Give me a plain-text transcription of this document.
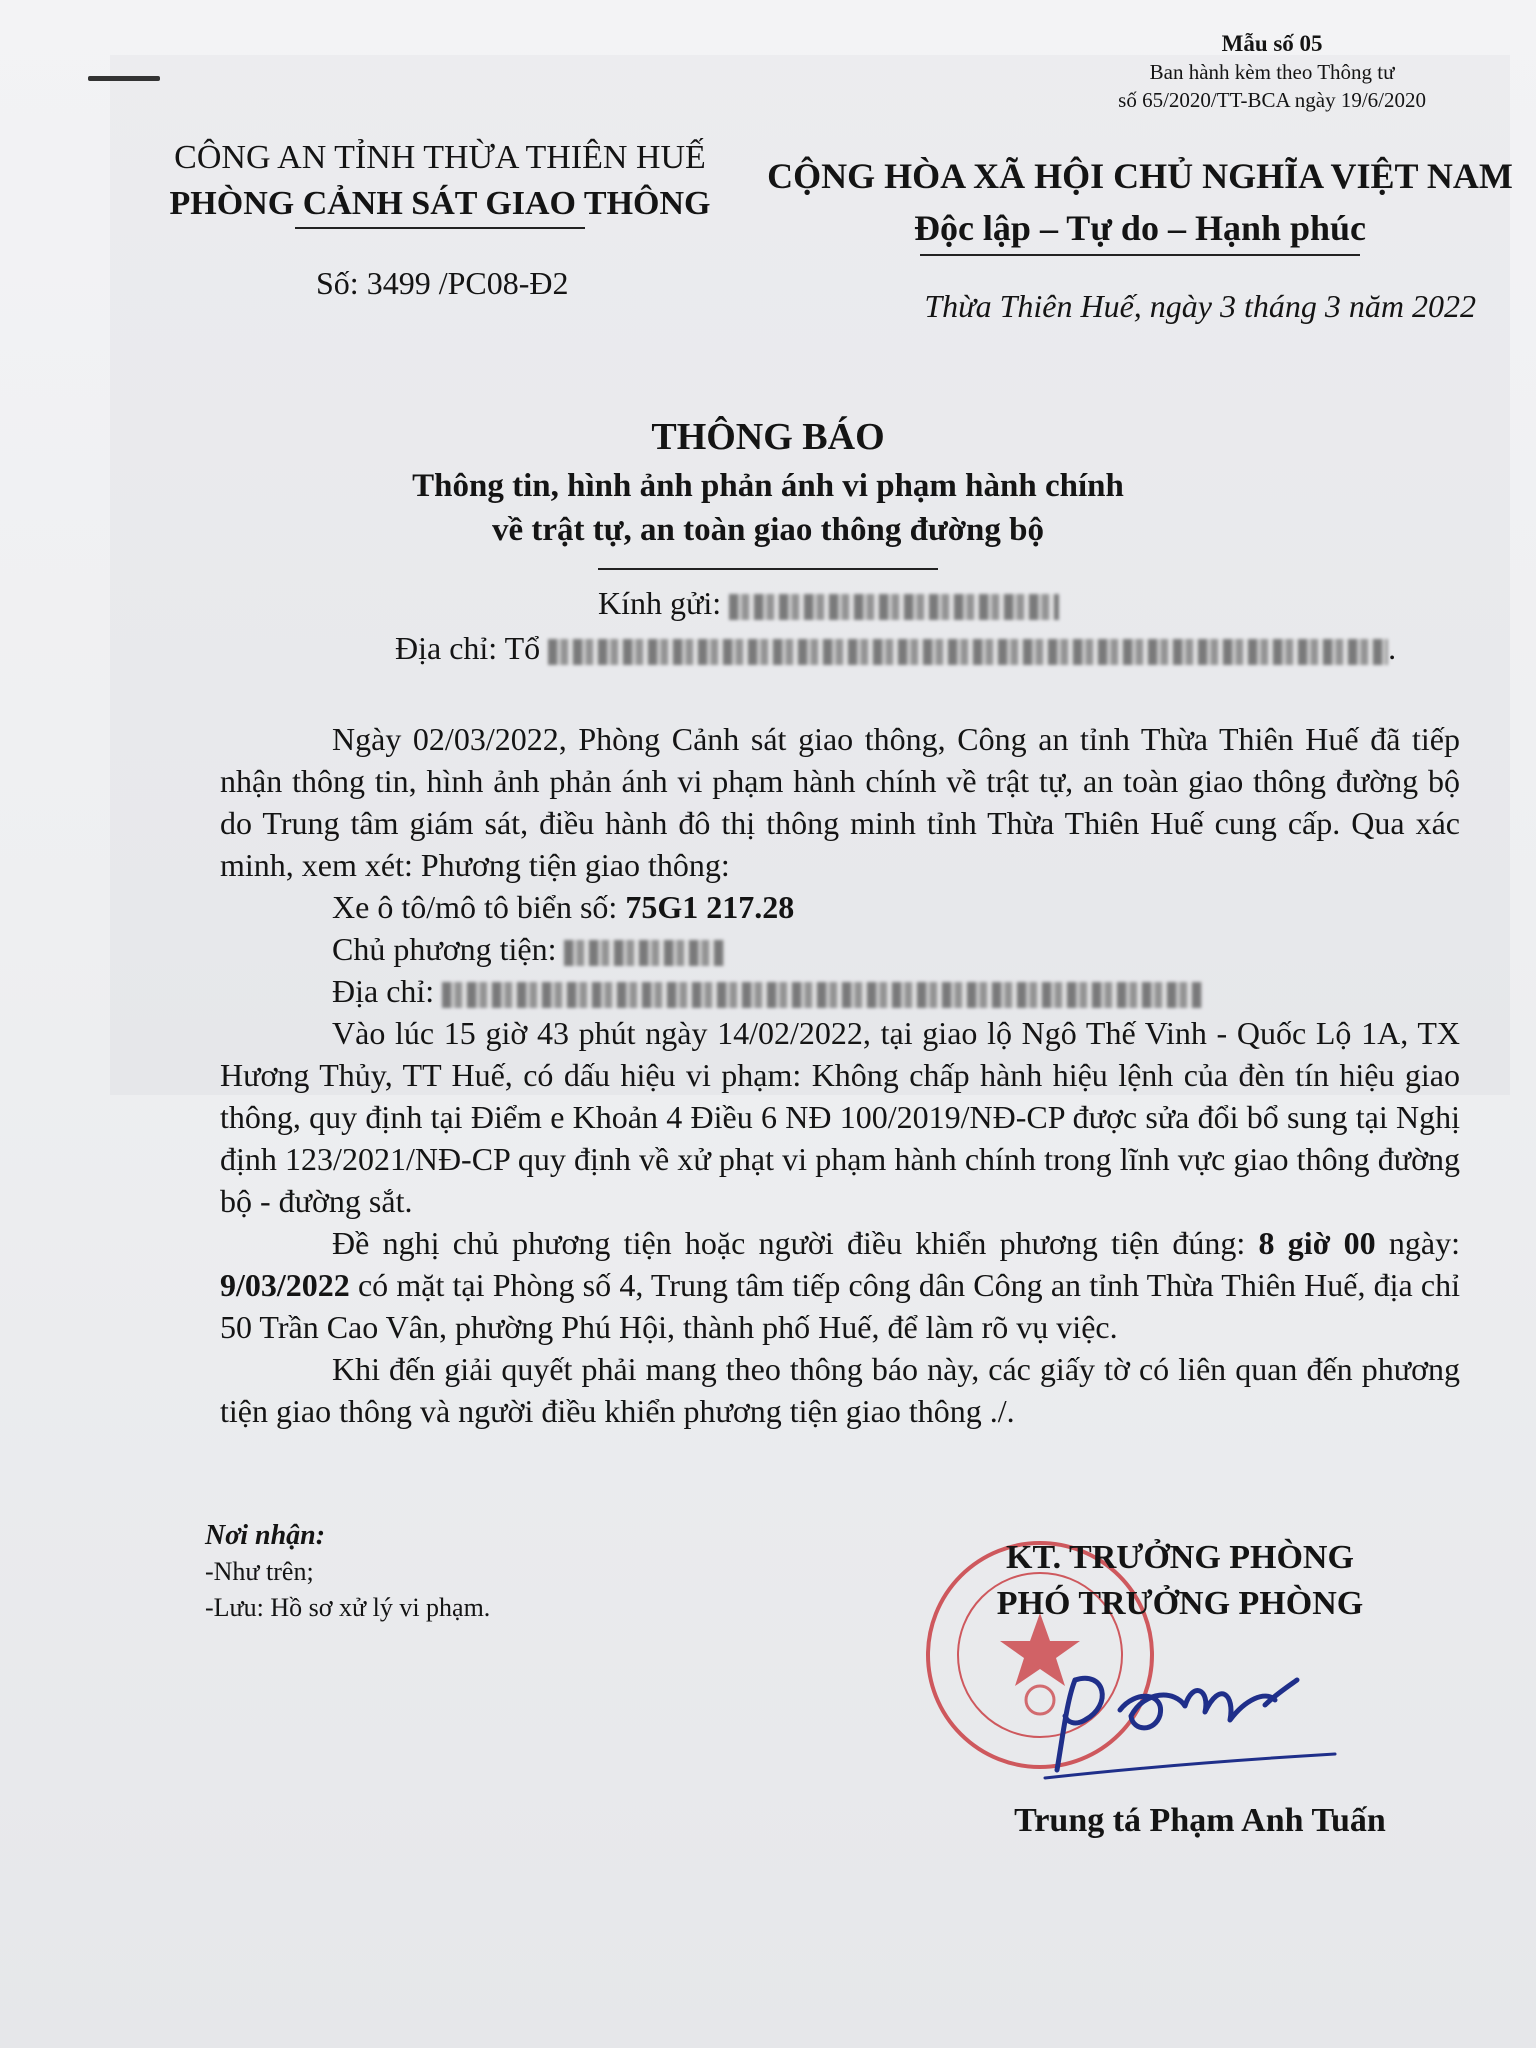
Mẫu số 05
Ban hành kèm theo Thông tư
số 65/2020/TT-BCA ngày 19/6/2020
CÔNG AN TỈNH THỪA THIÊN HUẾ
PHÒNG CẢNH SÁT GIAO THÔNG
Số: 3499 /PC08-Đ2
CỘNG HÒA XÃ HỘI CHỦ NGHĨA VIỆT NAM
Độc lập – Tự do – Hạnh phúc
Thừa Thiên Huế, ngày 3 tháng 3 năm 2022
THÔNG BÁO
Thông tin, hình ảnh phản ánh vi phạm hành chính
về trật tự, an toàn giao thông đường bộ
Kính gửi:
Địa chỉ: Tổ	.

Ngày 02/03/2022, Phòng Cảnh sát giao thông, Công an tỉnh Thừa Thiên Huế đã tiếp nhận thông tin, hình ảnh phản ánh vi phạm hành chính về trật tự, an toàn giao thông đường bộ do Trung tâm giám sát, điều hành đô thị thông minh tỉnh Thừa Thiên Huế cung cấp. Qua xác minh, xem xét: Phương tiện giao thông:

Xe ô tô/mô tô biển số: 75G1 217.28

Chủ phương tiện:

Địa chỉ:

Vào lúc 15 giờ 43 phút ngày 14/02/2022, tại giao lộ Ngô Thế Vinh - Quốc Lộ 1A, TX Hương Thủy, TT Huế, có dấu hiệu vi phạm: Không chấp hành hiệu lệnh của đèn tín hiệu giao thông, quy định tại Điểm e Khoản 4 Điều 6 NĐ 100/2019/NĐ-CP được sửa đổi bổ sung tại Nghị định 123/2021/NĐ-CP quy định về xử phạt vi phạm hành chính trong lĩnh vực giao thông đường bộ - đường sắt.

Đề nghị chủ phương tiện hoặc người điều khiển phương tiện đúng: 8 giờ 00 ngày: 9/03/2022 có mặt tại Phòng số 4, Trung tâm tiếp công dân Công an tỉnh Thừa Thiên Huế, địa chỉ 50 Trần Cao Vân, phường Phú Hội, thành phố Huế, để làm rõ vụ việc.

Khi đến giải quyết phải mang theo thông báo này, các giấy tờ có liên quan đến phương tiện giao thông và người điều khiển phương tiện giao thông ./.

Nơi nhận:
-Như trên;
-Lưu: Hồ sơ xử lý vi phạm.
KT. TRƯỞNG PHÒNG
PHÓ TRƯỞNG PHÒNG
Trung tá Phạm Anh Tuấn
